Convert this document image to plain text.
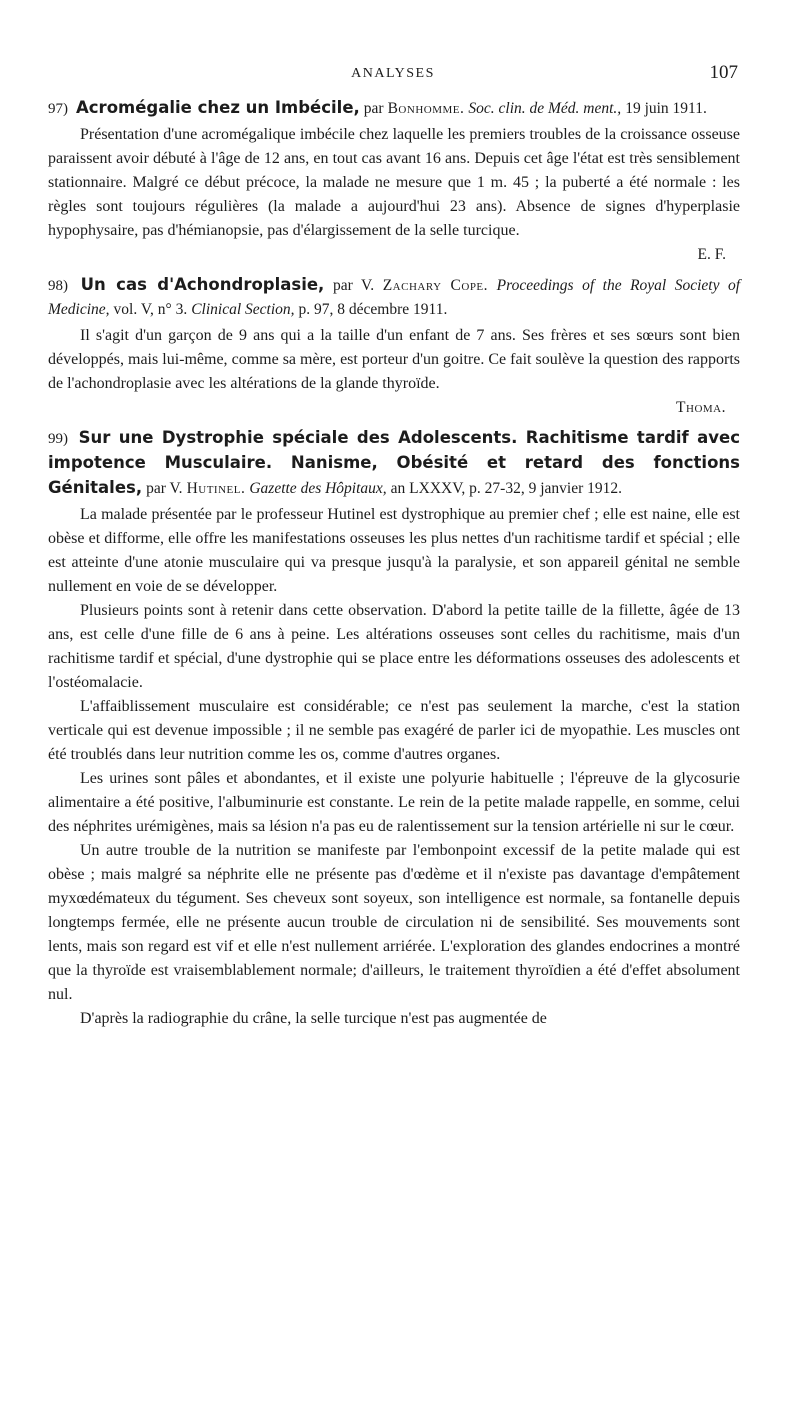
ANALYSES	107

97) Acromégalie chez un Imbécile, par Bonhomme. Soc. clin. de Méd. ment., 19 juin 1911.

Présentation d'une acromégalique imbécile chez laquelle les premiers troubles de la croissance osseuse paraissent avoir débuté à l'âge de 12 ans, en tout cas avant 16 ans. Depuis cet âge l'état est très sensiblement stationnaire. Malgré ce début précoce, la malade ne mesure que 1 m. 45 ; la puberté a été normale : les règles sont toujours régulières (la malade a aujourd'hui 23 ans). Absence de signes d'hyperplasie hypophysaire, pas d'hémianopsie, pas d'élargissement de la selle turcique.

E. F.

98) Un cas d'Achondroplasie, par V. Zachary Cope. Proceedings of the Royal Society of Medicine, vol. V, n° 3. Clinical Section, p. 97, 8 décembre 1911.

Il s'agit d'un garçon de 9 ans qui a la taille d'un enfant de 7 ans. Ses frères et ses sœurs sont bien développés, mais lui-même, comme sa mère, est porteur d'un goitre. Ce fait soulève la question des rapports de l'achondroplasie avec les altérations de la glande thyroïde.

Thoma.

99) Sur une Dystrophie spéciale des Adolescents. Rachitisme tardif avec impotence Musculaire. Nanisme, Obésité et retard des fonctions Génitales, par V. Hutinel. Gazette des Hôpitaux, an LXXXV, p. 27-32, 9 janvier 1912.

La malade présentée par le professeur Hutinel est dystrophique au premier chef ; elle est naine, elle est obèse et difforme, elle offre les manifestations osseuses les plus nettes d'un rachitisme tardif et spécial ; elle est atteinte d'une atonie musculaire qui va presque jusqu'à la paralysie, et son appareil génital ne semble nullement en voie de se développer.

Plusieurs points sont à retenir dans cette observation. D'abord la petite taille de la fillette, âgée de 13 ans, est celle d'une fille de 6 ans à peine. Les altérations osseuses sont celles du rachitisme, mais d'un rachitisme tardif et spécial, d'une dystrophie qui se place entre les déformations osseuses des adolescents et l'ostéomalacie.

L'affaiblissement musculaire est considérable; ce n'est pas seulement la marche, c'est la station verticale qui est devenue impossible ; il ne semble pas exagéré de parler ici de myopathie. Les muscles ont été troublés dans leur nutrition comme les os, comme d'autres organes.

Les urines sont pâles et abondantes, et il existe une polyurie habituelle ; l'épreuve de la glycosurie alimentaire a été positive, l'albuminurie est constante. Le rein de la petite malade rappelle, en somme, celui des néphrites urémigènes, mais sa lésion n'a pas eu de ralentissement sur la tension artérielle ni sur le cœur.

Un autre trouble de la nutrition se manifeste par l'embonpoint excessif de la petite malade qui est obèse ; mais malgré sa néphrite elle ne présente pas d'œdème et il n'existe pas davantage d'empâtement myxœdémateux du tégument. Ses cheveux sont soyeux, son intelligence est normale, sa fontanelle depuis longtemps fermée, elle ne présente aucun trouble de circulation ni de sensibilité. Ses mouvements sont lents, mais son regard est vif et elle n'est nullement arriérée. L'exploration des glandes endocrines a montré que la thyroïde est vraisemblablement normale; d'ailleurs, le traitement thyroïdien a été d'effet absolument nul.

D'après la radiographie du crâne, la selle turcique n'est pas augmentée de
